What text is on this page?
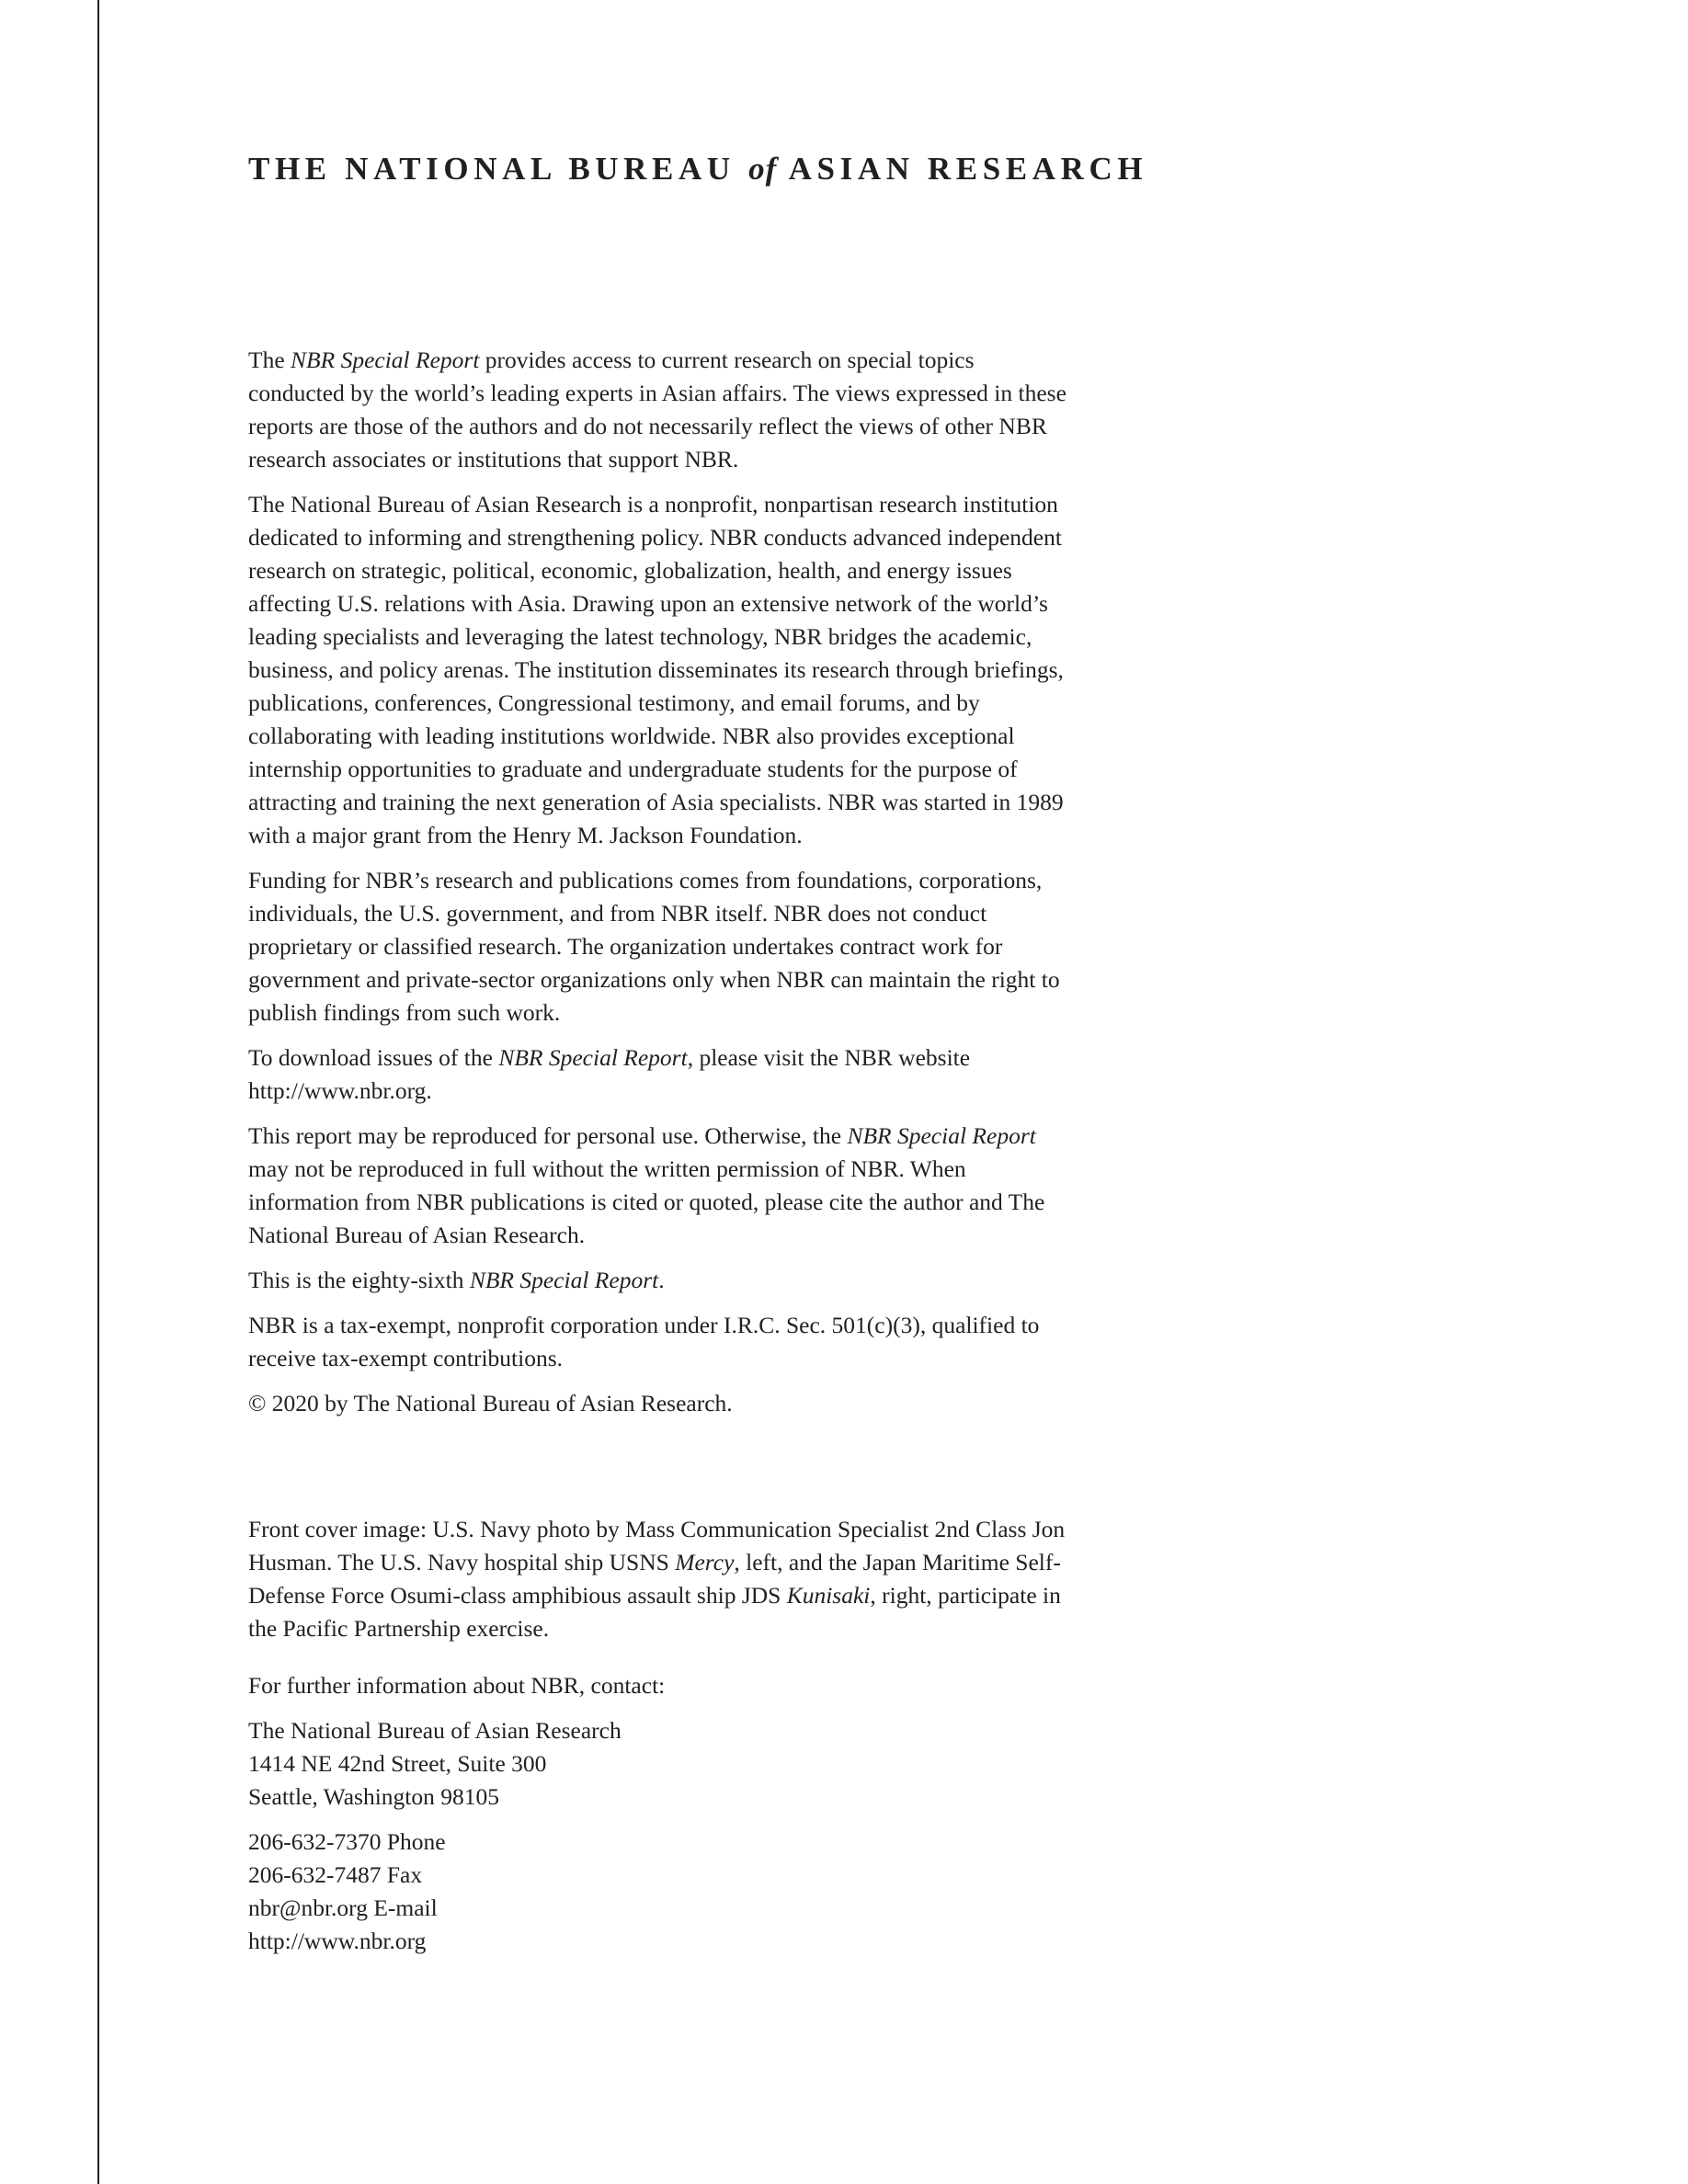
THE NATIONAL BUREAU of ASIAN RESEARCH

The NBR Special Report provides access to current research on special topics conducted by the world’s leading experts in Asian affairs. The views expressed in these reports are those of the authors and do not necessarily reflect the views of other NBR research associates or institutions that support NBR.

The National Bureau of Asian Research is a nonprofit, nonpartisan research institution dedicated to informing and strengthening policy. NBR conducts advanced independent research on strategic, political, economic, globalization, health, and energy issues affecting U.S. relations with Asia. Drawing upon an extensive network of the world’s leading specialists and leveraging the latest technology, NBR bridges the academic, business, and policy arenas. The institution disseminates its research through briefings, publications, conferences, Congressional testimony, and email forums, and by collaborating with leading institutions worldwide. NBR also provides exceptional internship opportunities to graduate and undergraduate students for the purpose of attracting and training the next generation of Asia specialists. NBR was started in 1989 with a major grant from the Henry M. Jackson Foundation.

Funding for NBR’s research and publications comes from foundations, corporations, individuals, the U.S. government, and from NBR itself. NBR does not conduct proprietary or classified research. The organization undertakes contract work for government and private-sector organizations only when NBR can maintain the right to publish findings from such work.

To download issues of the NBR Special Report, please visit the NBR website http://www.nbr.org.

This report may be reproduced for personal use. Otherwise, the NBR Special Report may not be reproduced in full without the written permission of NBR. When information from NBR publications is cited or quoted, please cite the author and The National Bureau of Asian Research.

This is the eighty-sixth NBR Special Report.

NBR is a tax-exempt, nonprofit corporation under I.R.C. Sec. 501(c)(3), qualified to receive tax-exempt contributions.

© 2020 by The National Bureau of Asian Research.

Front cover image: U.S. Navy photo by Mass Communication Specialist 2nd Class Jon Husman. The U.S. Navy hospital ship USNS Mercy, left, and the Japan Maritime Self-Defense Force Osumi-class amphibious assault ship JDS Kunisaki, right, participate in the Pacific Partnership exercise.

For further information about NBR, contact:

The National Bureau of Asian Research
1414 NE 42nd Street, Suite 300
Seattle, Washington 98105

206-632-7370 Phone
206-632-7487 Fax
nbr@nbr.org E-mail
http://www.nbr.org
